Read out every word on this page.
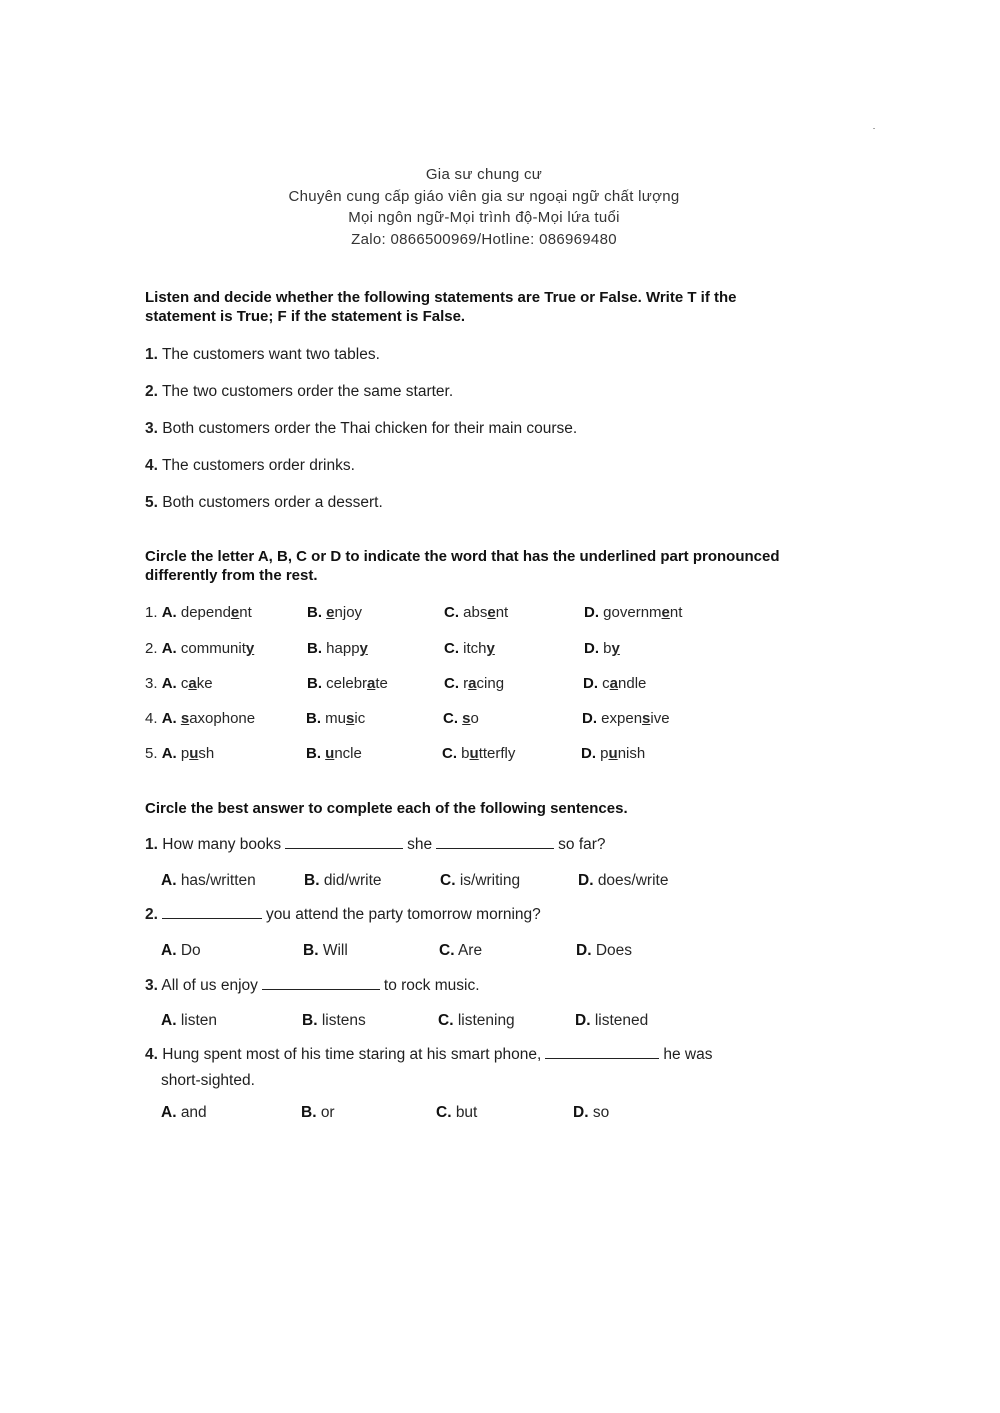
Gia sư chung cư
Chuyên cung cấp giáo viên gia sư ngoại ngữ chất lượng
Mọi ngôn ngữ-Mọi trình độ-Mọi lứa tuổi
Zalo: 0866500969/Hotline: 086969480
Listen and decide whether the following statements are True or False. Write T if the statement is True; F if the statement is False.
1. The customers want two tables.
2. The two customers order the same starter.
3. Both customers order the Thai chicken for their main course.
4. The customers order drinks.
5. Both customers order a dessert.
Circle the letter A, B, C or D to indicate the word that has the underlined part pronounced differently from the rest.
1. A. dependent	B. enjoy	C. absent	D. government
2. A. community	B. happy	C. itchy	D. by
3. A. cake	B. celebrate	C. racing	D. candle
4. A. saxophone	B. music	C. so	D. expensive
5. A. push	B. uncle	C. butterfly	D. punish
Circle the best answer to complete each of the following sentences.
1. How many books	she	so far?
2.	you attend the party tomorrow morning?
3. All of us enjoy	to rock music.
4. Hung spent most of his time staring at his smart phone,	he was
short-sighted.
A. has/written	B. did/write	C. is/writing	D. does/write
A. Do	B. Will	C. Are	D. Does
A. listen	B. listens	C. listening	D. listened
A. and	B. or	C. but	D. so
